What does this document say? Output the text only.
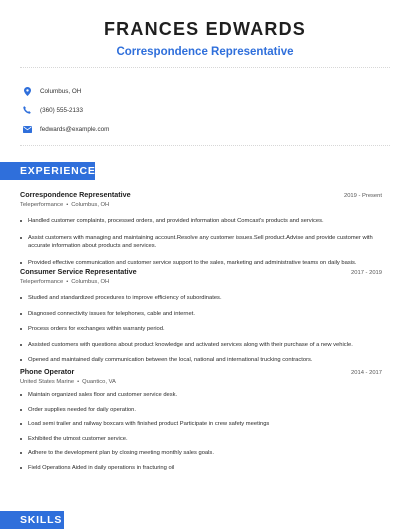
FRANCES EDWARDS
Correspondence Representative
Columbus, OH
(360) 555-2133
fedwards@example.com
EXPERIENCE
Correspondence Representative	2019 - Present
Teleperformance • Columbus, OH
Handled customer complaints, processed orders, and provided information about Comcast's products and services.
Assist customers with managing and maintaining account.Resolve any customer issues.Sell product.Advise and provide customer with accurate information about products and services.
Provided effective communication and customer service support to the sales, marketing and administrative teams on daily basis.
Consumer Service Representative	2017 - 2019
Teleperformance • Columbus, OH
Studied and standardized procedures to improve efficiency of subordinates.
Diagnosed connectivity issues for telephones, cable and internet.
Process orders for exchanges within warranty period.
Assisted customers with questions about product knowledge and activated services along with their purchase of a new vehicle.
Opened and maintained daily communication between the local, national and international trucking contractors.
Phone Operator	2014 - 2017
United States Marine • Quantico, VA
Maintain organized sales floor and customer service desk.
Order supplies needed for daily operation.
Load semi trailer and railway boxcars with finished product Participate in crew safety meetings
Exhibited the utmost customer service.
Adhere to the development plan by closing meeting monthly sales goals.
Field Operations Aided in daily operations in fracturing oil
SKILLS
